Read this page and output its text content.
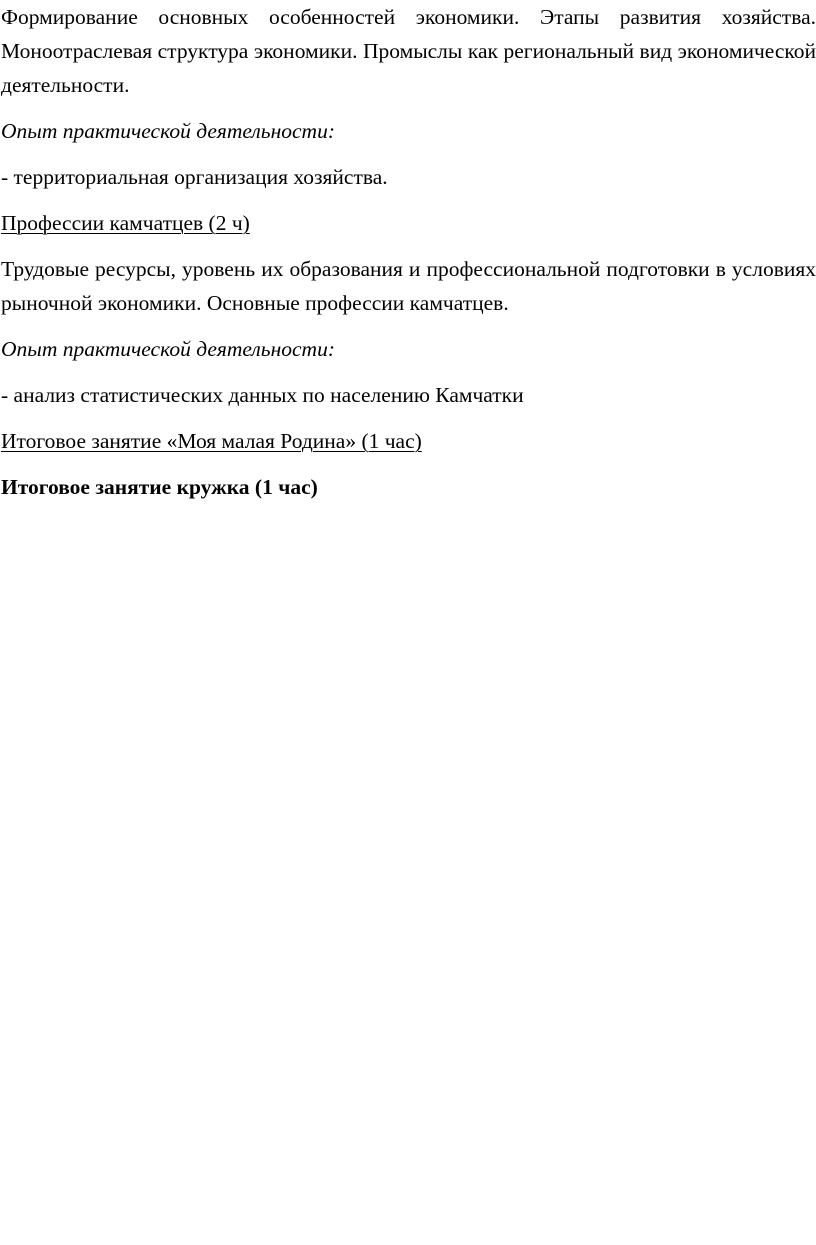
Формирование основных особенностей экономики. Этапы развития хозяйства. Моноотраслевая структура экономики. Промыслы как региональный вид экономической деятельности.

Опыт практической деятельности:

- территориальная организация хозяйства.

Профессии камчатцев (2 ч)

Трудовые ресурсы, уровень их образования и профессиональной подготовки в условиях рыночной экономики. Основные профессии камчатцев.

Опыт практической деятельности:

- анализ статистических данных по населению Камчатки

Итоговое занятие «Моя малая Родина» (1 час)

Итоговое занятие кружка (1 час)
